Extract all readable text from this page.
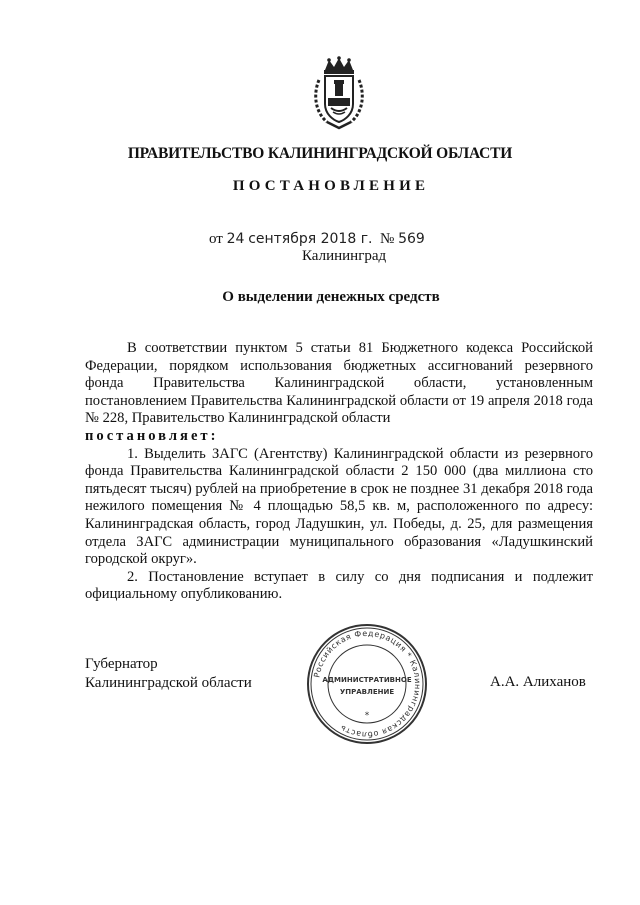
ПРАВИТЕЛЬСТВО КАЛИНИНГРАДСКОЙ ОБЛАСТИ
ПОСТАНОВЛЕНИЕ
от 24 сентября 2018 г. № 569
Калининград
О выделении денежных средств

В соответствии пунктом 5 статьи 81 Бюджетного кодекса Российской Федерации, порядком использования бюджетных ассигнований резервного фонда Правительства Калининградской области, установленным постановлением Правительства Калининградской области от 19 апреля 2018 года № 228, Правительство Калининградской области
постановляет:

1. Выделить ЗАГС (Агентству) Калининградской области из резервного фонда Правительства Калининградской области 2 150 000 (два миллиона сто пятьдесят тысяч) рублей на приобретение в срок не позднее 31 декабря 2018 года нежилого помещения № 4 площадью 58,5 кв. м, расположенного по адресу: Калининградская область, город Ладушкин, ул. Победы, д. 25, для размещения отдела ЗАГС администрации муниципального образования «Ладушкинский городской округ».

2. Постановление вступает в силу со дня подписания и подлежит официальному опубликованию.

Губернатор
Калининградской области	А.А. Алиханов
Российская Федерация * Калининградская область
АДМИНИСТРАТИВНОЕ
УПРАВЛЕНИЕ
*
